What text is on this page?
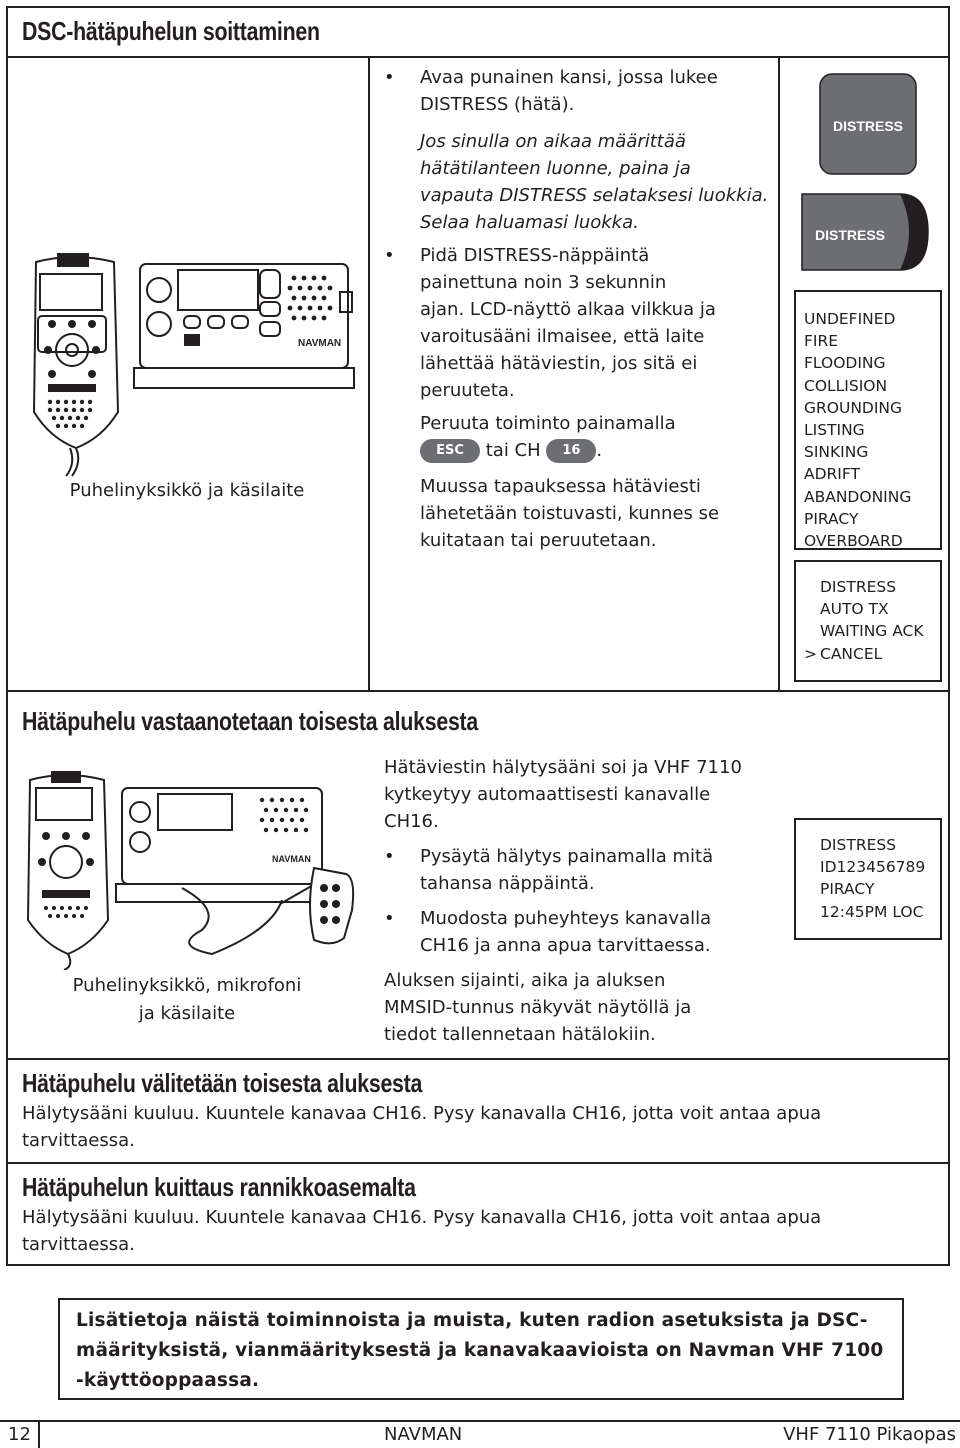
DSC-hätäpuhelun soittaminen
NAVMAN
Puhelinyksikkö ja käsilaite
• Avaa punainen kansi, jossa lukee
DISTRESS (hätä).
Jos sinulla on aikaa määrittää
hätätilanteen luonne, paina ja
vapauta DISTRESS selataksesi luokkia.
Selaa haluamasi luokka.
• Pidä DISTRESS-näppäintä
painettuna noin 3 sekunnin
ajan. LCD-näyttö alkaa vilkkua ja
varoitusääni ilmaisee, että laite
lähettää hätäviestin, jos sitä ei
peruuteta.
Peruuta toiminto painamalla
ESC tai CH 16 .
Muussa tapauksessa hätäviesti
lähetetään toistuvasti, kunnes se
kuitataan tai peruutetaan.
DISTRESS
DISTRESS
UNDEFINED
FIRE
FLOODING
COLLISION
GROUNDING
LISTING
SINKING
ADRIFT
ABANDONING
PIRACY
OVERBOARD
DISTRESS
AUTO TX
WAITING ACK
> CANCEL
Hätäpuhelu vastaanotetaan toisesta aluksesta
NAVMAN
Puhelinyksikkö, mikrofoni
ja käsilaite
Hätäviestin hälytysääni soi ja VHF 7110
kytkeytyy automaattisesti kanavalle
CH16.
• Pysäytä hälytys painamalla mitä
tahansa näppäintä.
• Muodosta puheyhteys kanavalla
CH16 ja anna apua tarvittaessa.
Aluksen sijainti, aika ja aluksen
MMSID-tunnus näkyvät näytöllä ja
tiedot tallennetaan hätälokiin.
DISTRESS
ID123456789
PIRACY
12:45PM LOC
Hätäpuhelu välitetään toisesta aluksesta
Hälytysääni kuuluu. Kuuntele kanavaa CH16. Pysy kanavalla CH16, jotta voit antaa apua
tarvittaessa.
Hätäpuhelun kuittaus rannikkoasemalta
Hälytysääni kuuluu. Kuuntele kanavaa CH16. Pysy kanavalla CH16, jotta voit antaa apua
tarvittaessa.
Lisätietoja näistä toiminnoista ja muista, kuten radion asetuksista ja DSC-
määrityksistä, vianmäärityksestä ja kanavakaavioista on Navman VHF 7100
-käyttöoppaassa.
12	NAVMAN	VHF 7110 Pikaopas
